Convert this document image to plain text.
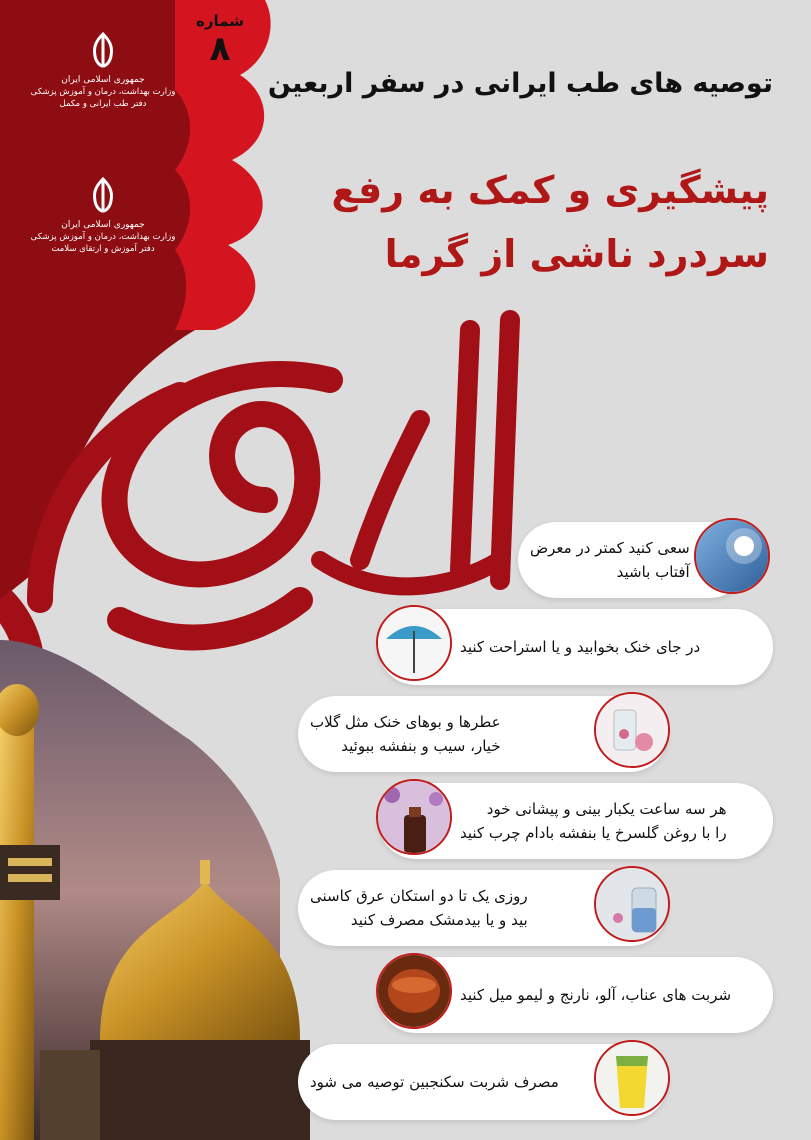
جمهوری اسلامی ایران
وزارت بهداشت، درمان و آموزش پزشکی
دفتر طب ایرانی و مکمل
جمهوری اسلامی ایران
وزارت بهداشت، درمان و آموزش پزشکی
دفتر آموزش و ارتقای سلامت
شماره
۸
توصیه های طب ایرانی در سفر اربعین
پیشگیری و کمک به رفع
سردرد ناشی از گرما
سعی کنید کمتر در معرض
آفتاب باشید
در جای خنک بخوابید و یا استراحت کنید
عطرها و بوهای خنک مثل گلاب
خیار، سیب و بنفشه ببوئید
هر سه ساعت یکبار بینی و پیشانی خود
را با روغن گلسرخ یا بنفشه بادام چرب کنید
روزی یک تا دو استکان عرق کاسنی
بید و یا بیدمشک مصرف کنید
شربت های عناب، آلو، نارنج و لیمو میل کنید
مصرف شربت سکنجبین توصیه می شود
